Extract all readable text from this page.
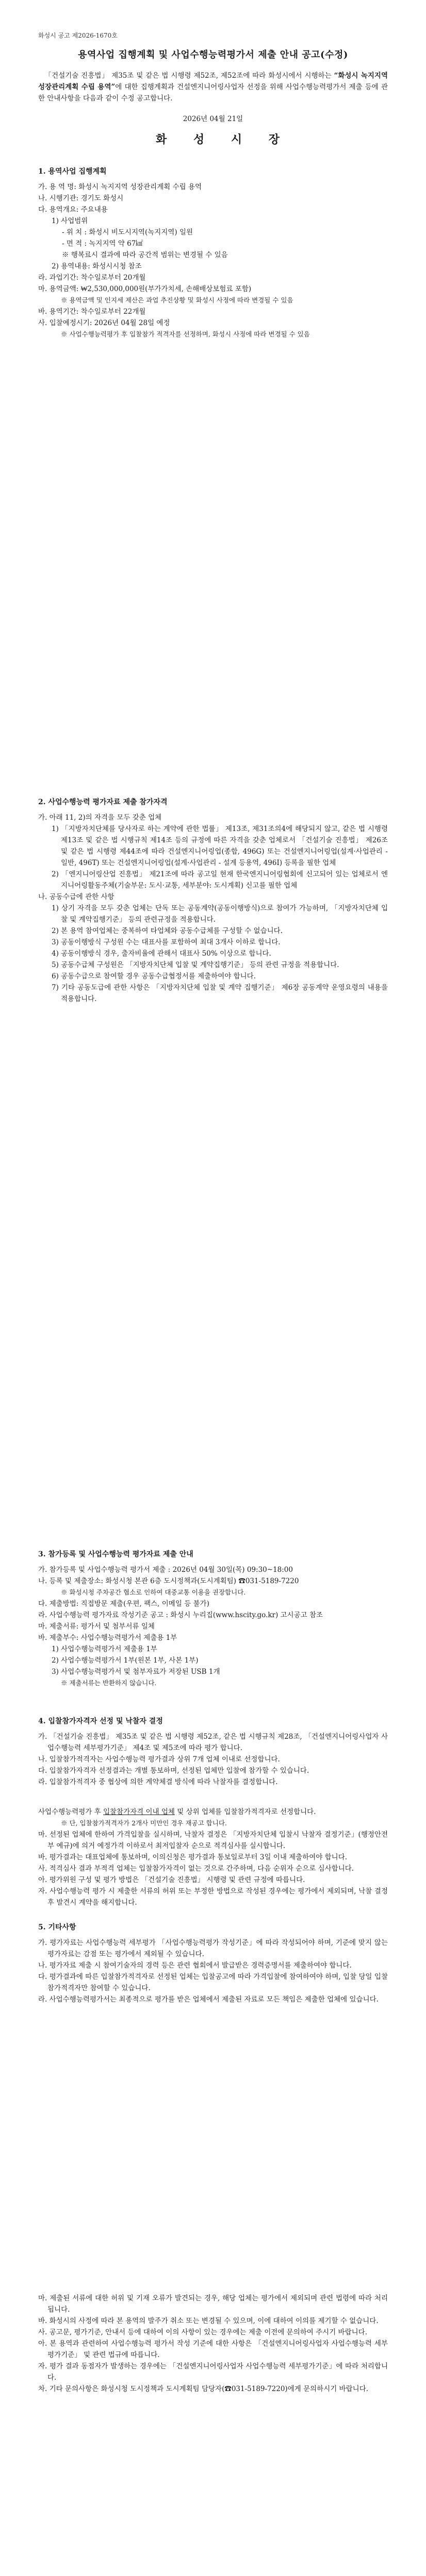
화성시 공고 제2026-1670호
용역사업 집행계획 및 사업수행능력평가서 제출 안내 공고(수정)

「건설기술 진흥법」 제35조 및 같은 법 시행령 제52조, 제52조에 따라 화성시에서 시행하는 “화성시 녹지지역 성장관리계획 수립 용역”에 대한 집행계획과 건설엔지니어링사업자 선정을 위해 사업수행능력평가서 제출 등에 관한 안내사항을 다음과 같이 수정 공고합니다.

2026년 04월 21일
화 성 시 장
1. 용역사업 집행계획

가. 용 역 명: 화성시 녹지지역 성장관리계획 수립 용역

나. 시행기관: 경기도 화성시

다. 용역개요: 주요내용

1) 사업범위

- 위 치 : 화성시 비도시지역(녹지지역) 일원

- 면 적 : 녹지지역 약 67㎢

※ 행복료시 결과에 따라 공간적 범위는 변경될 수 있음

2) 용역내용: 화성시시청 참조

라. 과업기간: 착수일로부터 20개월

마. 용역금액: ₩2,530,000,000원(부가가치세, 손해배상보험료 포함)

※ 용역금액 및 인지세 제산은 과업 추진상황 및 화성시 사정에 따라 변경될 수 있음

바. 용역기간: 착수일로부터 22개월

사. 입찰예정시기: 2026년 04월 28일 예정

※ 사업수행능력평가 후 입찰참가 적격자를 선정하며, 화성시 사정에 따라 변경될 수 있음

2. 사업수행능력 평가자료 제출 참가자격

가. 아래 11, 2)의 자격을 모두 갖춘 업체

1) 「지방자치단체를 당사자로 하는 계약에 관한 법률」 제13조, 제31조의4에 해당되지 않고, 같은 법 시행령 제13조 및 같은 법 시행규칙 제14조 등의 규정에 따른 자격을 갖춘 업체로서 「건설기술 진흥법」 제26조 및 같은 법 시행령 제44조에 따라 건설엔지니어링업(종합, 496G) 또는 건설엔지니어링업(설계·사업관리 - 일반, 496T) 또는 건설엔지니어링업(설계·사업관리 - 설계 등용역, 496I) 등록을 필한 업체

2) 「엔지니어링산업 진흥법」 제21조에 따라 공고일 현재 한국엔지니어링협회에 신고되어 있는 업체로서 엔지니어링활동주체(기술부문: 도시·교통, 세부분야: 도시계획) 신고를 필한 업체

나. 공동수급에 관한 사항

1) 상기 자격을 모두 갖춘 업체는 단독 또는 공동계약(공동이행방식)으로 참여가 가능하며, 「지방자치단체 입찰 및 계약집행기준」 등의 관련규정을 적용합니다.

2) 본 용역 참여업체는 중복하여 타업체와 공동수급체를 구성할 수 없습니다.

3) 공동이행방식 구성원 수는 대표사를 포함하여 최대 3개사 이하로 합니다.

4) 공동이행방식 경우, 출자비율에 관해서 대표사 50% 이상으로 합니다.

5) 공동수급체 구성원은 「지방자치단체 입찰 및 계약집행기준」 등의 관련 규정을 적용합니다.

6) 공동수급으로 참여할 경우 공동수급협정서를 제출하여야 합니다.

7) 기타 공동도급에 관한 사항은 「지방자치단체 입찰 및 계약 집행기준」 제6장 공동계약 운영요령의 내용을 적용합니다.

3. 참가등록 및 사업수행능력 평가자료 제출 안내

가. 참가등록 및 사업수행능력 평가서 제출 : 2026년 04월 30일(목) 09:30~18:00

나. 등록 및 제출장소: 화성시청 본관 6층 도시정책과(도시계획팀) ☎031-5189-7220

※ 화성시청 주차공간 협소로 인하여 대중교통 이용을 권장합니다.

다. 제출방법: 직접방문 제출(우편, 팩스, 이메일 등 불가)

라. 사업수행능력 평가자료 작성기준 공고 : 화성시 누리집(www.hscity.go.kr) 고시공고 참조

마. 제출서류: 평가서 및 첨부서류 일체

바. 제출부수: 사업수행능력평가서 제출용 1부

1) 사업수행능력평가서 제출용 1부

2) 사업수행능력평가서 1부(원본 1부, 사본 1부)

3) 사업수행능력평가서 및 첨부자료가 저장된 USB 1개

※ 제출서류는 반환하지 않습니다.

4. 입찰참가자격자 선정 및 낙찰자 결정

가. 「건설기술 진흥법」 제35조 및 같은 법 시행령 제52조, 같은 법 시행규칙 제28조, 「건설엔지니어링사업자 사업수행능력 세부평가기준」 제4조 및 제5조에 따라 평가 합니다.

나. 입찰참가적격자는 사업수행능력 평가결과 상위 7개 업체 이내로 선정합니다.

다. 입찰참가자격자 선정결과는 개별 통보하며, 선정된 업체만 입찰에 참가할 수 있습니다.

라. 입찰참가적격자 중 협상에 의한 계약체결 방식에 따라 낙찰자를 결정합니다.

사업수행능력평가 후 입찰참가자격 이내 업체 및 상위 업체를 입찰참가적격자로 선정합니다.

※ 단, 입찰참가적격자가 2개사 미만인 경우 재공고 합니다.

마. 선정된 업체에 한하여 가격입찰을 실시하며, 낙찰자 결정은 「지방자치단체 입찰시 낙찰자 결정기준」(행정안전부 예규)에 의거 예정가격 이하로서 최저입찰자 순으로 적격심사를 실시합니다.

바. 평가결과는 대표업체에 통보하며, 이의신청은 평가결과 통보일로부터 3일 이내 제출하여야 합니다.

사. 적격심사 결과 부적격 업체는 입찰참가자격이 없는 것으로 간주하며, 다음 순위자 순으로 심사합니다.

아. 평가위원 구성 및 평가 방법은 「건설기술 진흥법」 시행령 및 관련 규정에 따릅니다.

자. 사업수행능력 평가 시 제출한 서류의 허위 또는 부정한 방법으로 작성된 경우에는 평가에서 제외되며, 낙찰 결정 후 발견시 계약을 해지합니다.

5. 기타사항

가. 평가자료는 사업수행능력 세부평가 「사업수행능력평가 작성기준」에 따라 작성되어야 하며, 기준에 맞지 않는 평가자료는 감점 또는 평가에서 제외될 수 있습니다.

나. 평가자료 제출 시 참여기술자의 경력 등은 관련 협회에서 발급받은 경력증명서를 제출하여야 합니다.

다. 평가결과에 따른 입찰참가적격자로 선정된 업체는 입찰공고에 따라 가격입찰에 참여하여야 하며, 입찰 당일 입찰참가적격자만 참여할 수 있습니다.

라. 사업수행능력평가서는 최종적으로 평가를 받은 업체에서 제출된 자료로 모든 책임은 제출한 업체에 있습니다.

마. 제출된 서류에 대한 허위 및 기재 오류가 발견되는 경우, 해당 업체는 평가에서 제외되며 관련 법령에 따라 처리됩니다.

바. 화성시의 사정에 따라 본 용역의 발주가 취소 또는 변경될 수 있으며, 이에 대하여 이의를 제기할 수 없습니다.

사. 공고문, 평가기준, 안내서 등에 대하여 이의 사항이 있는 경우에는 제출 이전에 문의하여 주시기 바랍니다.

아. 본 용역과 관련하여 사업수행능력 평가서 작성 기준에 대한 사항은 「건설엔지니어링사업자 사업수행능력 세부평가기준」 및 관련 법규에 따릅니다.

자. 평가 결과 동점자가 발생하는 경우에는 「건설엔지니어링사업자 사업수행능력 세부평가기준」에 따라 처리합니다.

차. 기타 문의사항은 화성시청 도시정책과 도시계획팀 담당자(☎031-5189-7220)에게 문의하시기 바랍니다.
